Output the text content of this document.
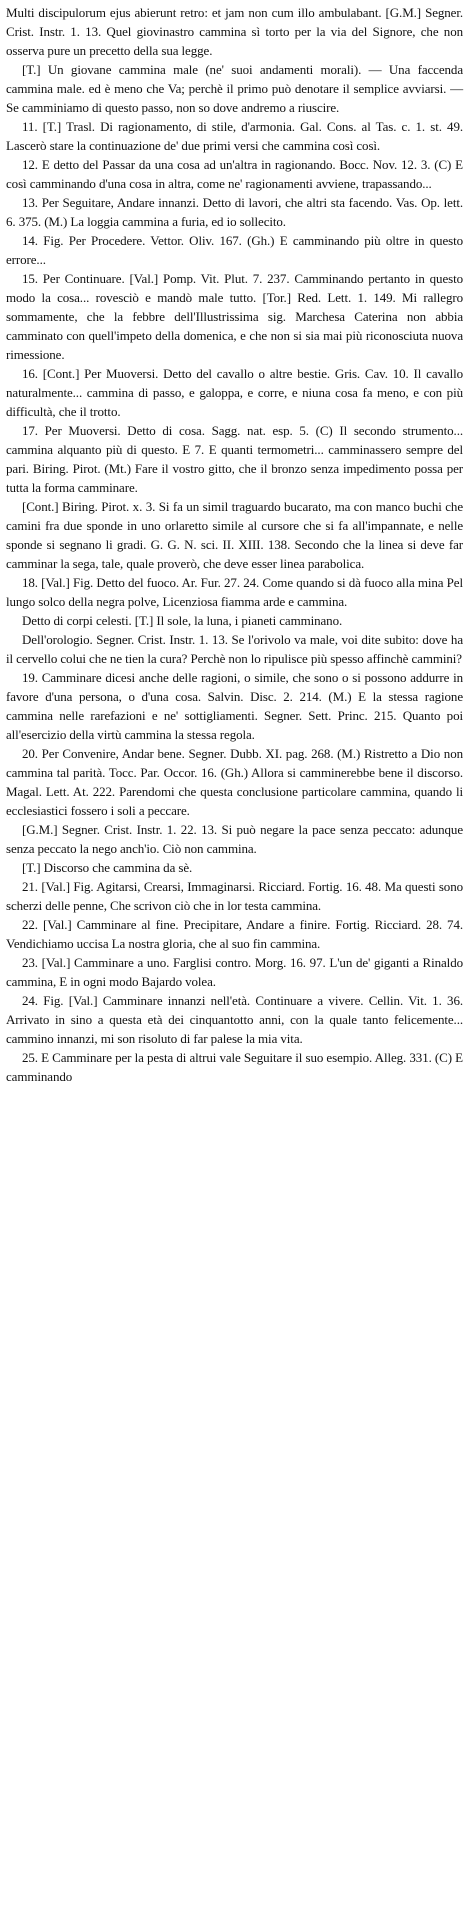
Multi discipulorum ejus abierunt retro: et jam non cum illo ambulabant. [G.M.] Segner. Crist. Instr. 1. 13. Quel giovinastro cammina sì torto per la via del Signore, che non osserva pure un precetto della sua legge.

[T.] Un giovane cammina male (ne' suoi andamenti morali). — Una faccenda cammina male. ed è meno che Va; perchè il primo può denotare il semplice avviarsi. — Se camminiamo di questo passo, non so dove andremo a riuscire.

11. [T.] Trasl. Di ragionamento, di stile, d'armonia. Gal. Cons. al Tas. c. 1. st. 49. Lascerò stare la continuazione de' due primi versi che cammina così così.

12. E detto del Passar da una cosa ad un'altra in ragionando. Bocc. Nov. 12. 3. (C) E così camminando d'una cosa in altra, come ne' ragionamenti avviene, trapassando...

13. Per Seguitare, Andare innanzi. Detto di lavori, che altri sta facendo. Vas. Op. lett. 6. 375. (M.) La loggia cammina a furia, ed io sollecito.

14. Fig. Per Procedere. Vettor. Oliv. 167. (Gh.) E camminando più oltre in questo errore...

15. Per Continuare. [Val.] Pomp. Vit. Plut. 7. 237. Camminando pertanto in questo modo la cosa... rovesciò e mandò male tutto. [Tor.] Red. Lett. 1. 149. Mi rallegro sommamente, che la febbre dell'Illustrissima sig. Marchesa Caterina non abbia camminato con quell'impeto della domenica, e che non si sia mai più riconosciuta nuova rimessione.

16. [Cont.] Per Muoversi. Detto del cavallo o altre bestie. Gris. Cav. 10. Il cavallo naturalmente... cammina di passo, e galoppa, e corre, e niuna cosa fa meno, e con più difficultà, che il trotto.

17. Per Muoversi. Detto di cosa. Sagg. nat. esp. 5. (C) Il secondo strumento... cammina alquanto più di questo. E 7. E quanti termometri... camminassero sempre del pari. Biring. Pirot. (Mt.) Fare il vostro gitto, che il bronzo senza impedimento possa per tutta la forma camminare.

[Cont.] Biring. Pirot. x. 3. Si fa un simil traguardo bucarato, ma con manco buchi che camini fra due sponde in uno orlaretto simile al cursore che si fa all'impannate, e nelle sponde si segnano li gradi. G. G. N. sci. II. XIII. 138. Secondo che la linea si deve far camminar la sega, tale, quale proverò, che deve esser linea parabolica.

18. [Val.] Fig. Detto del fuoco. Ar. Fur. 27. 24. Come quando si dà fuoco alla mina Pel lungo solco della negra polve, Licenziosa fiamma arde e cammina.

Detto di corpi celesti. [T.] Il sole, la luna, i pianeti camminano.

Dell'orologio. Segner. Crist. Instr. 1. 13. Se l'orivolo va male, voi dite subito: dove ha il cervello colui che ne tien la cura? Perchè non lo ripulisce più spesso affinchè cammini?

19. Camminare dicesi anche delle ragioni, o simile, che sono o si possono addurre in favore d'una persona, o d'una cosa. Salvin. Disc. 2. 214. (M.) E la stessa ragione cammina nelle rarefazioni e ne' sottigliamenti. Segner. Sett. Princ. 215. Quanto poi all'esercizio della virtù cammina la stessa regola.

20. Per Convenire, Andar bene. Segner. Dubb. XI. pag. 268. (M.) Ristretto a Dio non cammina tal parità. Tocc. Par. Occor. 16. (Gh.) Allora si camminerebbe bene il discorso. Magal. Lett. At. 222. Parendomi che questa conclusione particolare cammina, quando li ecclesiastici fossero i soli a peccare.

[G.M.] Segner. Crist. Instr. 1. 22. 13. Si può negare la pace senza peccato: adunque senza peccato la nego anch'io. Ciò non cammina.

[T.] Discorso che cammina da sè.

21. [Val.] Fig. Agitarsi, Crearsi, Immaginarsi. Ricciard. Fortig. 16. 48. Ma questi sono scherzi delle penne, Che scrivon ciò che in lor testa cammina.

22. [Val.] Camminare al fine. Precipitare, Andare a finire. Fortig. Ricciard. 28. 74. Vendichiamo uccisa La nostra gloria, che al suo fin cammina.

23. [Val.] Camminare a uno. Farglisi contro. Morg. 16. 97. L'un de' giganti a Rinaldo cammina, E in ogni modo Bajardo volea.

24. Fig. [Val.] Camminare innanzi nell'età. Continuare a vivere. Cellin. Vit. 1. 36. Arrivato in sino a questa età dei cinquantotto anni, con la quale tanto felicemente... cammino innanzi, mi son risoluto di far palese la mia vita.

25. E Camminare per la pesta di altrui vale Seguitare il suo esempio. Alleg. 331. (C) E camminando
